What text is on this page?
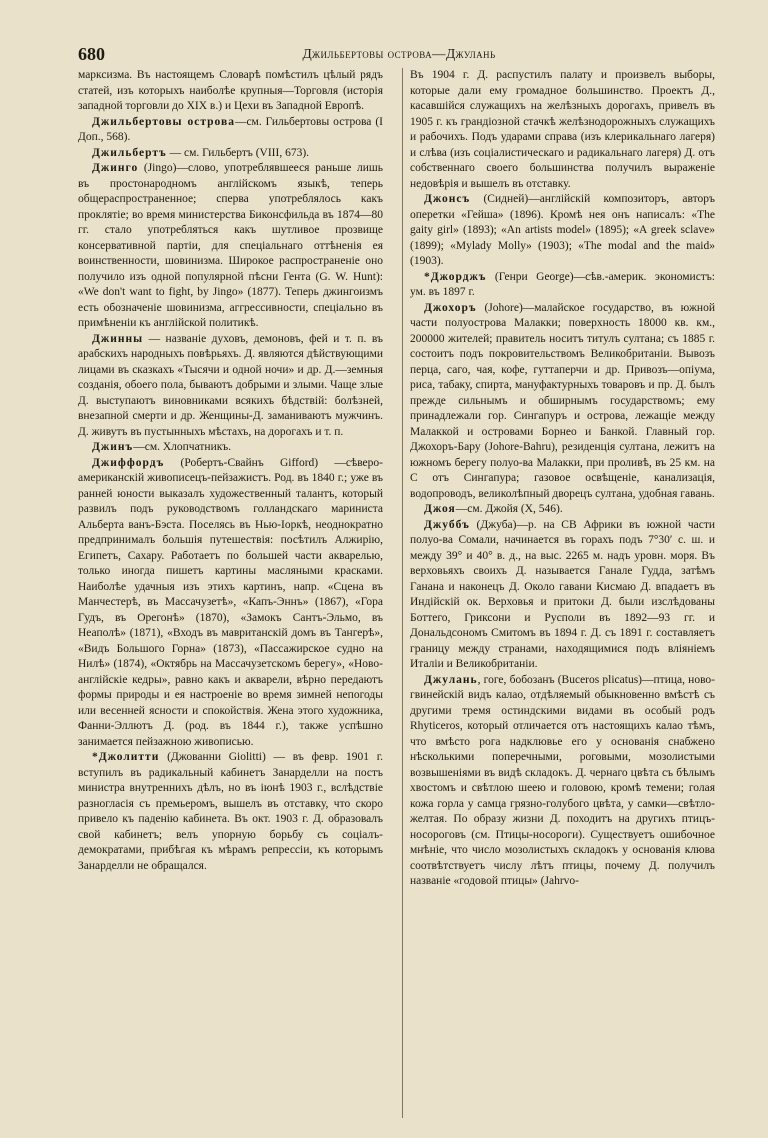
680	Джильбертовы острова—Джулань

марксизма. Въ настоящемъ Словарѣ помѣстилъ цѣлый рядъ статей, изъ которыхъ наиболѣе крупныя—Торговля (исторія западной торговли до XIX в.) и Цехи въ Западной Европѣ.

Джильбертовы острова—см. Гильбертовы острова (I Доп., 568).

Джильбертъ — см. Гильбертъ (VIII, 673).

Джинго (Jingo)—слово, употреблявшееся раньше лишь въ простонародномъ англійскомъ языкѣ, теперь общераспространенное; сперва употреблялось какъ проклятіе; во время министерства Биконсфильда въ 1874—80 гг. стало употребляться какъ шутливое прозвище консервативной партіи, для спеціальнаго оттѣненія ея воинственности, шовинизма. Широкое распространеніе оно получило изъ одной популярной пѣсни Гента (G. W. Hunt): «We don't want to fight, by Jingo» (1877). Теперь джингоизмъ есть обозначеніе шовинизма, аггрессивности, спеціально въ примѣненіи къ англійской политикѣ.

Джинны — названіе духовъ, демоновъ, фей и т. п. въ арабскихъ народныхъ повѣрьяхъ. Д. являются дѣйствующими лицами въ сказкахъ «Тысячи и одной ночи» и др. Д.—земныя созданія, обоего пола, бываютъ добрыми и злыми. Чаще злые Д. выступаютъ виновниками всякихъ бѣдствій: болѣзней, внезапной смерти и др. Женщины-Д. заманиваютъ мужчинъ. Д. живутъ въ пустынныхъ мѣстахъ, на дорогахъ и т. п.

Джинъ—см. Хлопчатникъ.

Джиффордъ (Робертъ-Свайнъ Gifford) —сѣверо-американскій живописецъ-пейзажистъ. Род. въ 1840 г.; уже въ ранней юности выказалъ художественный талантъ, который развилъ подъ руководствомъ голландскаго мариниста Альберта ванъ-Бэста. Поселясь въ Нью-Іоркѣ, неоднократно предпринималъ большія путешествія: посѣтилъ Алжирію, Египетъ, Сахару. Работаетъ по большей части акварелью, только иногда пишетъ картины масляными красками. Наиболѣе удачныя изъ этихъ картинъ, напр. «Сцена въ Манчестерѣ, въ Массачузетѣ», «Капъ-Эннъ» (1867), «Гора Гудъ, въ Орегонѣ» (1870), «Замокъ Сантъ-Эльмо, въ Неаполѣ» (1871), «Входъ въ мавританскій домъ въ Тангерѣ», «Видъ Большого Горна» (1873), «Пассажирское судно на Нилѣ» (1874), «Октябрь на Массачузетскомъ берегу», «Ново-англійскіе кедры», равно какъ и акварели, вѣрно передаютъ формы природы и ея настроеніе во время зимней непогоды или весенней ясности и спокойствія. Жена этого художника, Фанни-Эллютъ Д. (род. въ 1844 г.), также успѣшно занимается пейзажною живописью.

*Джолитти (Джованни Giolitti) — въ февр. 1901 г. вступилъ въ радикальный кабинетъ Занарделли на постъ министра внутреннихъ дѣлъ, но въ іюнѣ 1903 г., вслѣдствіе разногласія съ премьеромъ, вышелъ въ отставку, что скоро привело къ паденію кабинета. Въ окт. 1903 г. Д. образовалъ свой кабинетъ; велъ упорную борьбу съ соціалъ-демократами, прибѣгая къ мѣрамъ репрессіи, къ которымъ Занарделли не обращался.

Въ 1904 г. Д. распустилъ палату и произвелъ выборы, которые дали ему громадное большинство. Проектъ Д., касавшійся служащихъ на желѣзныхъ дорогахъ, привелъ въ 1905 г. къ грандіозной стачкѣ желѣзнодорожныхъ служащихъ и рабочихъ. Подъ ударами справа (изъ клерикальнаго лагеря) и слѣва (изъ соціалистическаго и радикальнаго лагеря) Д. отъ собственнаго своего большинства получилъ выраженіе недовѣрія и вышелъ въ отставку.

Джонсъ (Сидней)—англійскій композиторъ, авторъ оперетки «Гейша» (1896). Кромѣ нея онъ написалъ: «The gaity girl» (1893); «An artists model» (1895); «A greek sclave» (1899); «Mylady Molly» (1903); «The modal and the maid» (1903).

*Джорджъ (Генри George)—сѣв.-америк. экономистъ: ум. въ 1897 г.

Джохоръ (Johore)—малайское государство, въ южной части полуострова Малакки; поверхность 18000 кв. км., 200000 жителей; правитель носитъ титулъ султана; съ 1885 г. состоитъ подъ покровительствомъ Великобританіи. Вывозъ перца, саго, чая, кофе, гуттаперчи и др. Привозъ—опіума, риса, табаку, спирта, мануфактурныхъ товаровъ и пр. Д. былъ прежде сильнымъ и обширнымъ государствомъ; ему принадлежали гор. Сингапуръ и острова, лежащіе между Малаккой и островами Борнео и Банкой. Главный гор. Джохоръ-Бару (Johore-Bahru), резиденція султана, лежитъ на южномъ берегу полуо-ва Малакки, при проливѣ, въ 25 км. на С отъ Сингапура; газовое освѣщеніе, канализація, водопроводъ, великолѣпный дворецъ султана, удобная гавань.

Джоя—см. Джойя (X, 546).

Джуббъ (Джуба)—р. на СВ Африки въ южной части полуо-ва Сомали, начинается въ горахъ подъ 7°30′ с. ш. и между 39° и 40° в. д., на выс. 2265 м. надъ уровн. моря. Въ верховьяхъ своихъ Д. называется Ганале Гудда, затѣмъ Ганана и наконецъ Д. Около гавани Кисмаю Д. впадаетъ въ Индійскій ок. Верховья и притоки Д. были изслѣдованы Боттего, Гриксони и Русполи въ 1892—93 гг. и Дональдсономъ Смитомъ въ 1894 г. Д. съ 1891 г. составляетъ границу между странами, находящимися подъ вліяніемъ Италіи и Великобританіи.

Джулань, гоге, бобозанъ (Buceros plicatus)—птица, ново-гвинейскій видъ калао, отдѣляемый обыкновенно вмѣстѣ съ другими тремя остиндскими видами въ особый родъ Rhyticeros, который отличается отъ настоящихъ калао тѣмъ, что вмѣсто рога надклювье его у основанія снабжено нѣсколькими поперечными, роговыми, мозолистыми возвышеніями въ видѣ складокъ. Д. чернаго цвѣта съ бѣлымъ хвостомъ и свѣтлою шеею и головою, кромѣ темени; голая кожа горла у самца грязно-голубого цвѣта, у самки—свѣтло-желтая. По образу жизни Д. походитъ на другихъ птицъ-носороговъ (см. Птицы-носороги). Существуетъ ошибочное мнѣніе, что число мозолистыхъ складокъ у основанія клюва соотвѣтствуетъ числу лѣтъ птицы, почему Д. получилъ названіе «годовой птицы» (Jahrvo-
